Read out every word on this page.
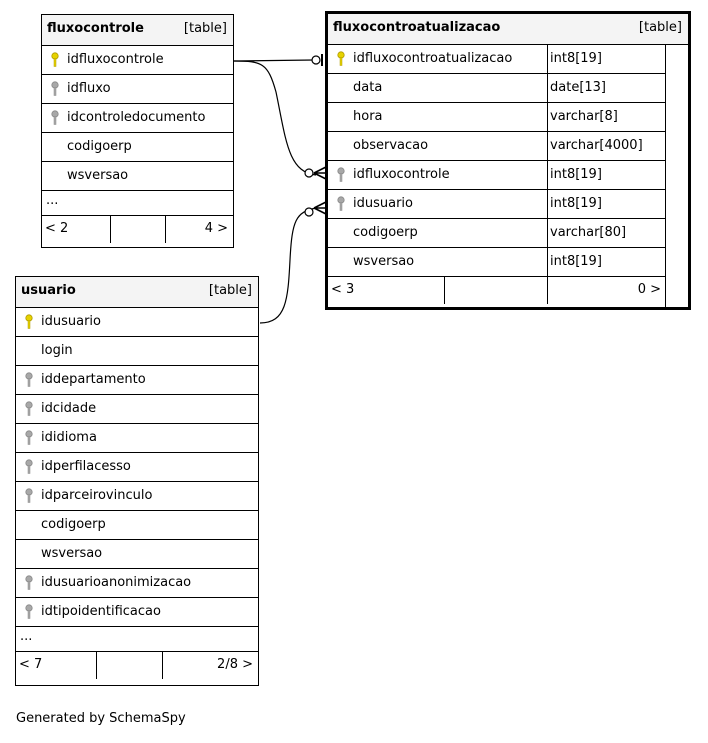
fluxocontrole	[table]
idfluxocontrole
idfluxo
idcontroledocumento
codigoerp
wsversao
...
< 2	4 >
fluxocontroatualizacao	[table]
idfluxocontroatualizacao	int8[19]
data	date[13]
hora	varchar[8]
observacao	varchar[4000]
idfluxocontrole	int8[19]
idusuario	int8[19]
codigoerp	varchar[80]
wsversao	int8[19]
< 3	0 >
usuario	[table]
idusuario
login
iddepartamento
idcidade
ididioma
idperfilacesso
idparceirovinculo
codigoerp
wsversao
idusuarioanonimizacao
idtipoidentificacao
...
< 7	2/8 >
Generated by SchemaSpy
